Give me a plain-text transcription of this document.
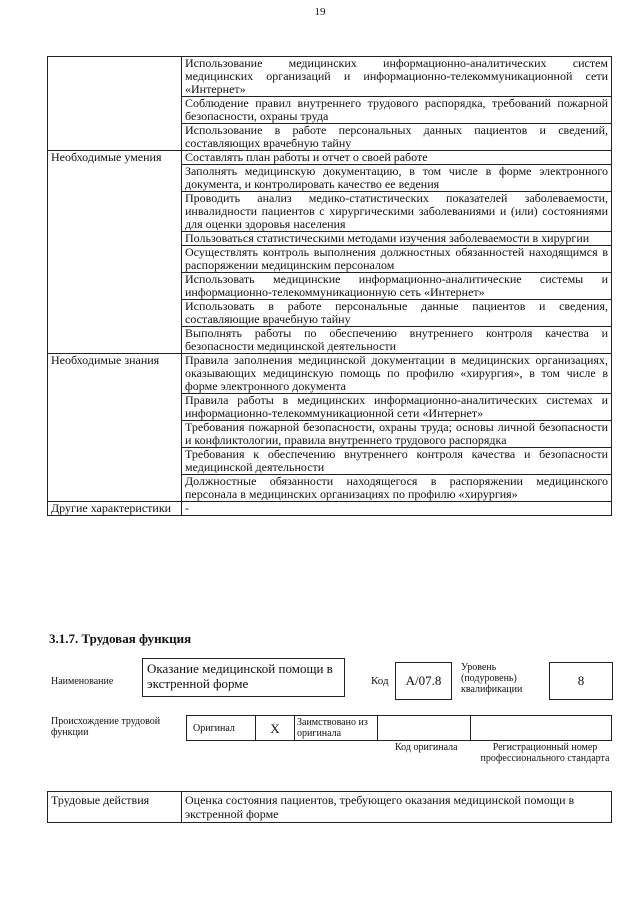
19
	Использование медицинских информационно-аналитических систем медицинских организаций и информационно-телекоммуникационной сети «Интернет»
	Соблюдение правил внутреннего трудового распорядка, требований пожарной безопасности, охраны труда
	Использование в работе персональных данных пациентов и сведений, составляющих врачебную тайну
Необходимые умения	Составлять план работы и отчет о своей работе
	Заполнять медицинскую документацию, в том числе в форме электронного документа, и контролировать качество ее ведения
	Проводить анализ медико-статистических показателей заболеваемости, инвалидности пациентов с хирургическими заболеваниями и (или) состояниями для оценки здоровья населения
	Пользоваться статистическими методами изучения заболеваемости в хирургии
	Осуществлять контроль выполнения должностных обязанностей находящимся в распоряжении медицинским персоналом
	Использовать медицинские информационно-аналитические системы и информационно-телекоммуникационную сеть «Интернет»
	Использовать в работе персональные данные пациентов и сведения, составляющие врачебную тайну
	Выполнять работы по обеспечению внутреннего контроля качества и безопасности медицинской деятельности
Необходимые знания	Правила заполнения медицинской документации в медицинских организациях, оказывающих медицинскую помощь по профилю «хирургия», в том числе в форме электронного документа
	Правила работы в медицинских информационно-аналитических системах и информационно-телекоммуникационной сети «Интернет»
	Требования пожарной безопасности, охраны труда; основы личной безопасности и конфликтологии, правила внутреннего трудового распорядка
	Требования к обеспечению внутреннего контроля качества и безопасности медицинской деятельности
	Должностные обязанности находящегося в распоряжении медицинского персонала в медицинских организациях по профилю «хирургия»
Другие характеристики	-
3.1.7. Трудовая функция
Наименование
Оказание медицинской помощи в экстренной форме	Код	A/07.8
Уровень (подуровень) квалификации
8
Происхождение трудовой функции	Оригинал	X	Заимствовано из оригинала
Код оригинала	Регистрационный номер профессионального стандарта
Трудовые действия	Оценка состояния пациентов, требующего оказания медицинской помощи в экстренной форме
